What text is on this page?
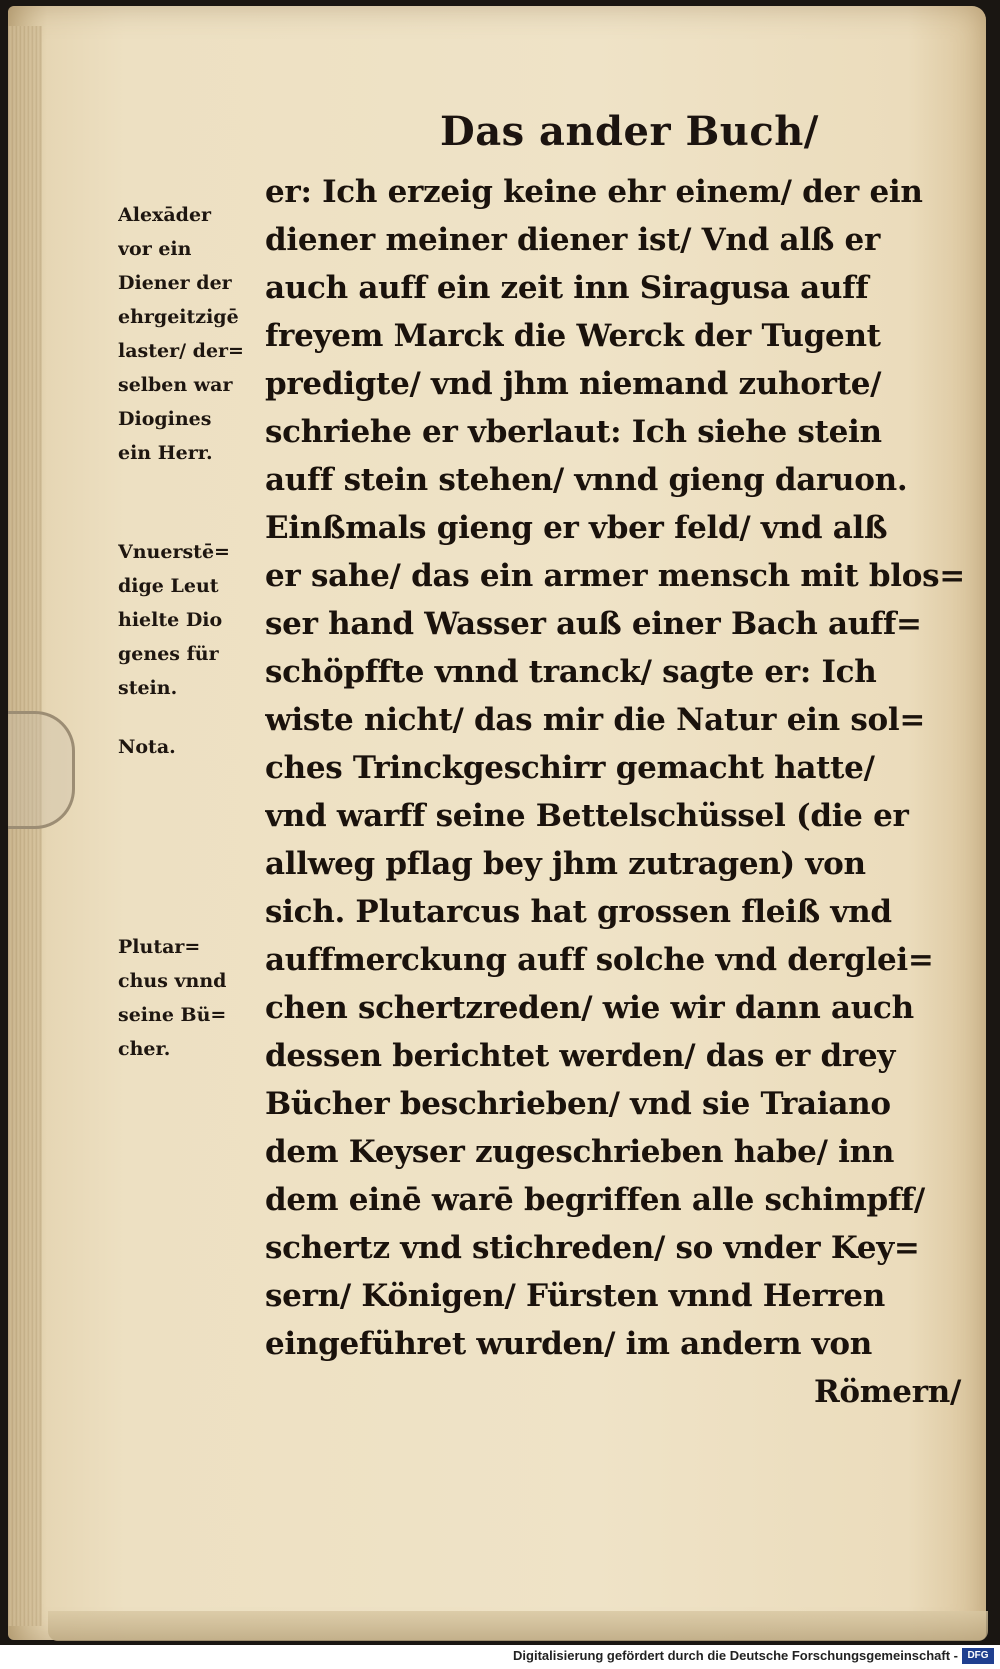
Das ander Buch/
er: Ich erzeig keine ehr einem/ der ein
diener meiner diener ist/ Vnd alß er
auch auff ein zeit inn Siragusa auff
freyem Marck die Werck der Tugent
predigte/ vnd jhm niemand zuhorte/
schriehe er vberlaut: Ich siehe stein
auff stein stehen/ vnnd gieng daruon.
Einßmals gieng er vber feld/ vnd alß
er sahe/ das ein armer mensch mit blos=
ser hand Wasser auß einer Bach auff=
schöpffte vnnd tranck/ sagte er: Ich
wiste nicht/ das mir die Natur ein sol=
ches Trinckgeschirr gemacht hatte/
vnd warff seine Bettelschüssel (die er
allweg pflag bey jhm zutragen) von
sich. Plutarcus hat grossen fleiß vnd
auffmerckung auff solche vnd derglei=
chen schertzreden/ wie wir dann auch
dessen berichtet werden/ das er drey
Bücher beschrieben/ vnd sie Traiano
dem Keyser zugeschrieben habe/ inn
dem einē warē begriffen alle schimpff/
schertz vnd stichreden/ so vnder Key=
sern/ Königen/ Fürsten vnnd Herren
eingeführet wurden/ im andern von
Römern/
Alexāder
vor ein
Diener der
ehrgeitzigē
laster/ der=
selben war
Diogines
ein Herr.
Vnuerstē=
dige Leut
hielte Dio
genes für
stein.
Nota.
Plutar=
chus vnnd
seine Bü=
cher.
Digitalisierung gefördert durch die Deutsche Forschungsgemeinschaft - DFG
